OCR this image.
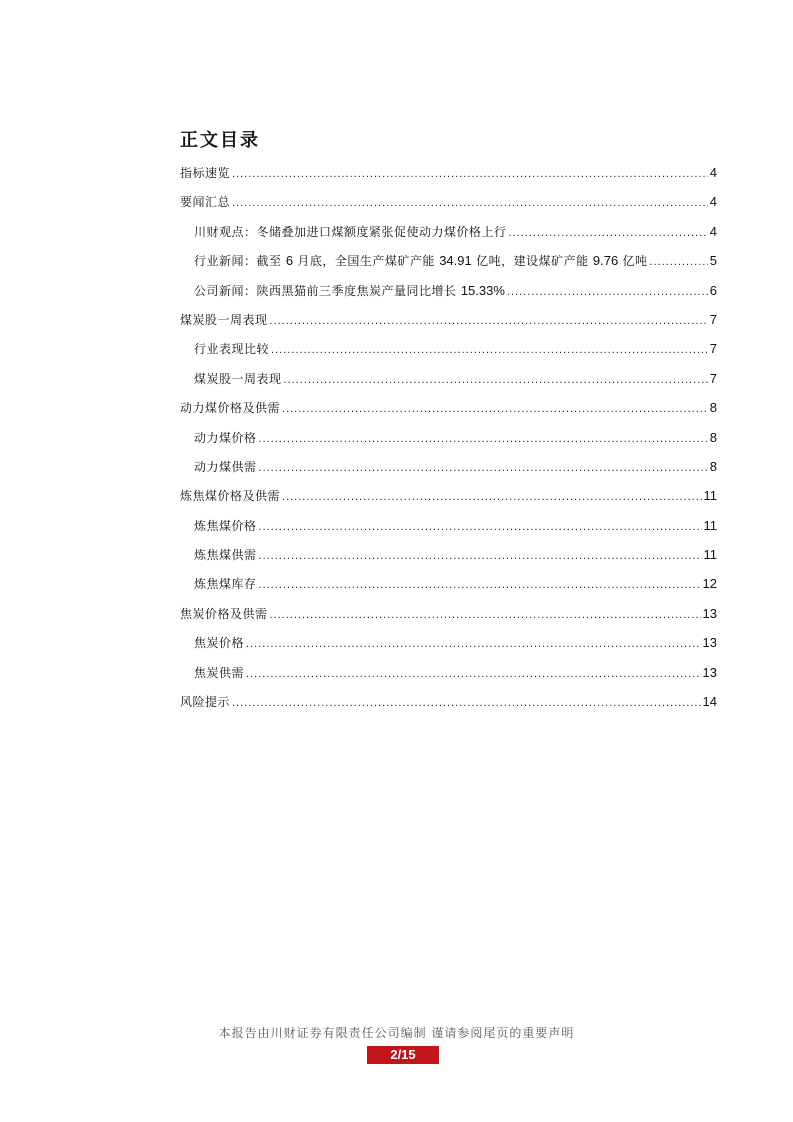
正文目录
指标速览 .....	4
要闻汇总 .....	4
川财观点：冬储叠加进口煤额度紧张促使动力煤价格上行 .....	4
行业新闻：截至 6 月底，全国生产煤矿产能 34.91 亿吨，建设煤矿产能 9.76 亿吨 .....	5
公司新闻：陕西黑猫前三季度焦炭产量同比增长 15.33% .....	6
煤炭股一周表现 .....	7
行业表现比较 .....	7
煤炭股一周表现 .....	7
动力煤价格及供需 .....	8
动力煤价格 .....	8
动力煤供需 .....	8
炼焦煤价格及供需 .....	11
炼焦煤价格 .....	11
炼焦煤供需 .....	11
炼焦煤库存 .....	12
焦炭价格及供需 .....	13
焦炭价格 .....	13
焦炭供需 .....	13
风险提示 .....	14
本报告由川财证券有限责任公司编制 谨请参阅尾页的重要声明
2/15
